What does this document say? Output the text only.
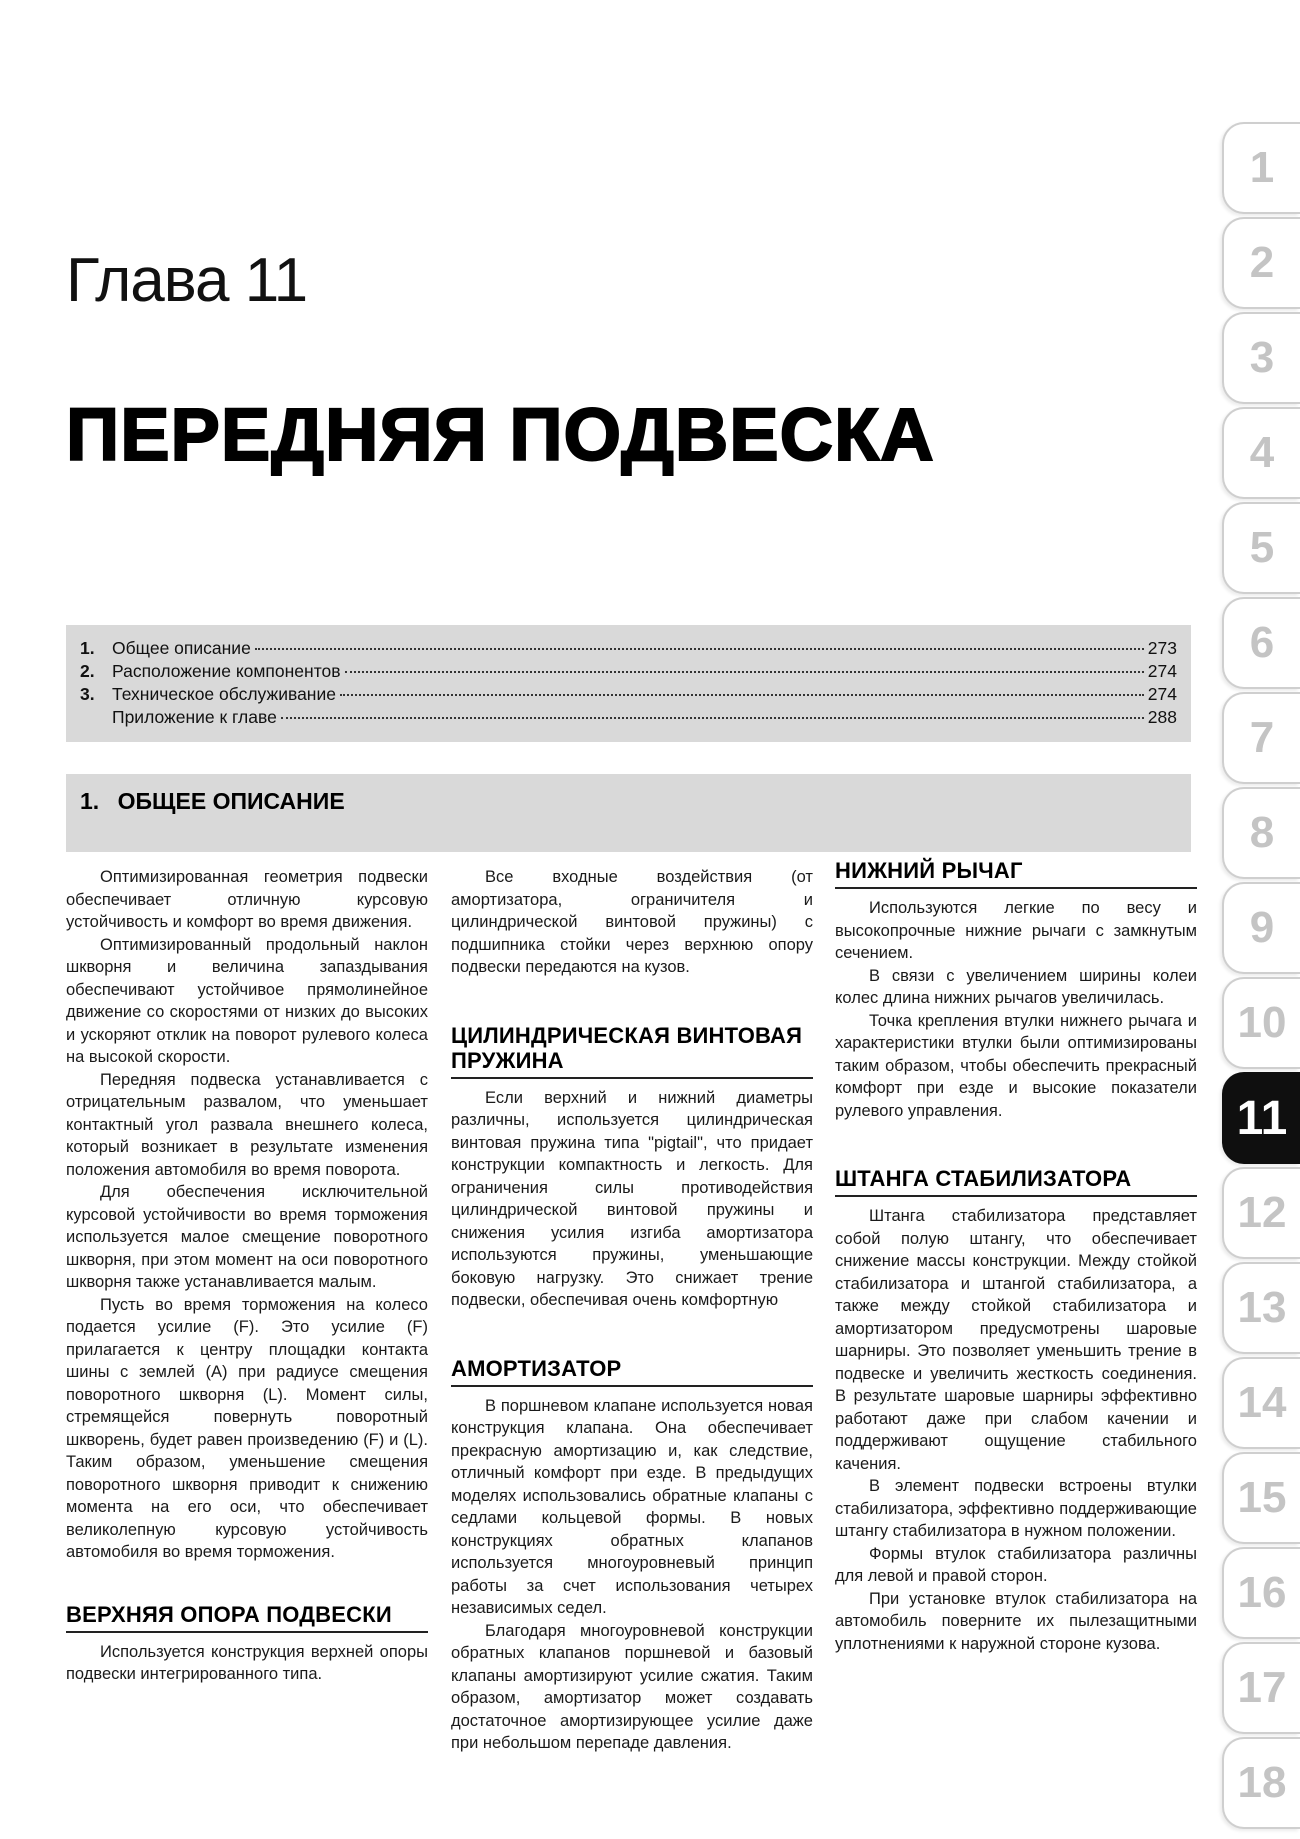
Глава 11
ПЕРЕДНЯЯ ПОДВЕСКА
1. Общее описание	273
2. Расположение компонентов	274
3. Техническое обслуживание	274
Приложение к главе	288
1. ОБЩЕЕ ОПИСАНИЕ

Оптимизированная геометрия подвески обеспечивает отличную курсовую устойчивость и комфорт во время движения.

Оптимизированный продольный наклон шкворня и величина запаздывания обеспечивают устойчивое прямолинейное движение со скоростями от низких до высоких и ускоряют отклик на поворот рулевого колеса на высокой скорости.

Передняя подвеска устанавливается с отрицательным развалом, что уменьшает контактный угол развала внешнего колеса, который возникает в результате изменения положения автомобиля во время поворота.

Для обеспечения исключительной курсовой устойчивости во время торможения используется малое смещение поворотного шкворня, при этом момент на оси поворотного шкворня также устанавливается малым.

Пусть во время торможения на колесо подается усилие (F). Это усилие (F) прилагается к центру площадки контакта шины с землей (A) при радиусе смещения поворотного шкворня (L). Момент силы, стремящейся повернуть поворотный шкворень, будет равен произведению (F) и (L). Таким образом, уменьшение смещения поворотного шкворня приводит к снижению момента на его оси, что обеспечивает великолепную курсовую устойчивость автомобиля во время торможения.

ВЕРХНЯЯ ОПОРА ПОДВЕСКИ

Используется конструкция верхней опоры подвески интегрированного типа.

Все входные воздействия (от амортизатора, ограничителя и цилиндрической винтовой пружины) с подшипника стойки через верхнюю опору подвески передаются на кузов.

ЦИЛИНДРИЧЕСКАЯ ВИНТОВАЯ ПРУЖИНА

Если верхний и нижний диаметры различны, используется цилиндрическая винтовая пружина типа "pigtail", что придает конструкции компактность и легкость. Для ограничения силы противодействия цилиндрической винтовой пружины и снижения усилия изгиба амортизатора используются пружины, уменьшающие боковую нагрузку. Это снижает трение подвески, обеспечивая очень комфортную

АМОРТИЗАТОР

В поршневом клапане используется новая конструкция клапана. Она обеспечивает прекрасную амортизацию и, как следствие, отличный комфорт при езде. В предыдущих моделях использовались обратные клапаны с седлами кольцевой формы. В новых конструкциях обратных клапанов используется многоуровневый принцип работы за счет использования четырех независимых седел.

Благодаря многоуровневой конструкции обратных клапанов поршневой и базовый клапаны амортизируют усилие сжатия. Таким образом, амортизатор может создавать достаточное амортизирующее усилие даже при небольшом перепаде давления.

НИЖНИЙ РЫЧАГ

Используются легкие по весу и высокопрочные нижние рычаги с замкнутым сечением.

В связи с увеличением ширины колеи колес длина нижних рычагов увеличилась.

Точка крепления втулки нижнего рычага и характеристики втулки были оптимизированы таким образом, чтобы обеспечить прекрасный комфорт при езде и высокие показатели рулевого управления.

ШТАНГА СТАБИЛИЗАТОРА

Штанга стабилизатора представляет собой полую штангу, что обеспечивает снижение массы конструкции. Между стойкой стабилизатора и штангой стабилизатора, а также между стойкой стабилизатора и амортизатором предусмотрены шаровые шарниры. Это позволяет уменьшить трение в подвеске и увеличить жесткость соединения. В результате шаровые шарниры эффективно работают даже при слабом качении и поддерживают ощущение стабильного качения.

В элемент подвески встроены втулки стабилизатора, эффективно поддерживающие штангу стабилизатора в нужном положении.

Формы втулок стабилизатора различны для левой и правой сторон.

При установке втулок стабилизатора на автомобиль поверните их пылезащитными уплотнениями к наружной стороне кузова.

1
2
3
4
5
6
7
8
9
10
11
12
13
14
15
16
17
18
